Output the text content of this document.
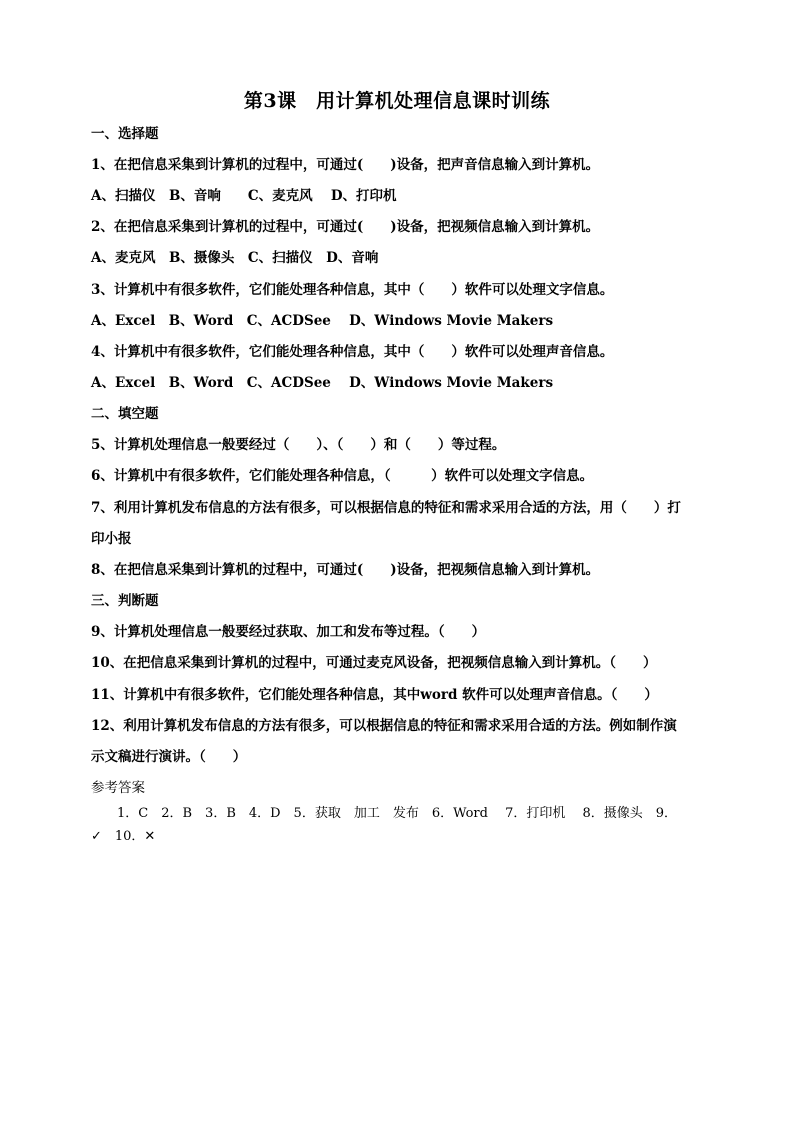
第3课　用计算机处理信息课时训练
一、选择题
1、在把信息采集到计算机的过程中，可通过(　　)设备，把声音信息输入到计算机。
A、扫描仪　B、音响　　C、麦克风　 D、打印机
2、在把信息采集到计算机的过程中，可通过(　　)设备，把视频信息输入到计算机。
A、麦克风　B、摄像头　C、扫描仪　D、音响
3、计算机中有很多软件，它们能处理各种信息，其中（　　）软件可以处理文字信息。
A、Excel　B、Word　C、ACDSee　 D、Windows Movie Makers
4、计算机中有很多软件，它们能处理各种信息，其中（　　）软件可以处理声音信息。
A、Excel　B、Word　C、ACDSee　 D、Windows Movie Makers
二、填空题
5、计算机处理信息一般要经过（　　）、（　　）和（　　）等过程。
6、计算机中有很多软件，它们能处理各种信息，（　　　）软件可以处理文字信息。
7、利用计算机发布信息的方法有很多，可以根据信息的特征和需求采用合适的方法，用（　　）打
印小报
8、在把信息采集到计算机的过程中，可通过(　　)设备，把视频信息输入到计算机。
三、判断题
9、计算机处理信息一般要经过获取、加工和发布等过程。（　　）
10、在把信息采集到计算机的过程中，可通过麦克风设备，把视频信息输入到计算机。（　　）
11、计算机中有很多软件，它们能处理各种信息，其中word 软件可以处理声音信息。（　　）
12、利用计算机发布信息的方法有很多，可以根据信息的特征和需求采用合适的方法。例如制作演
示文稿进行演讲。（　　）
参考答案
　　1．C　2．B　3．B　4．D　5．获取　加工　发布　6．Word　 7．打印机　 8．摄像头　9．
✓　10．✕
